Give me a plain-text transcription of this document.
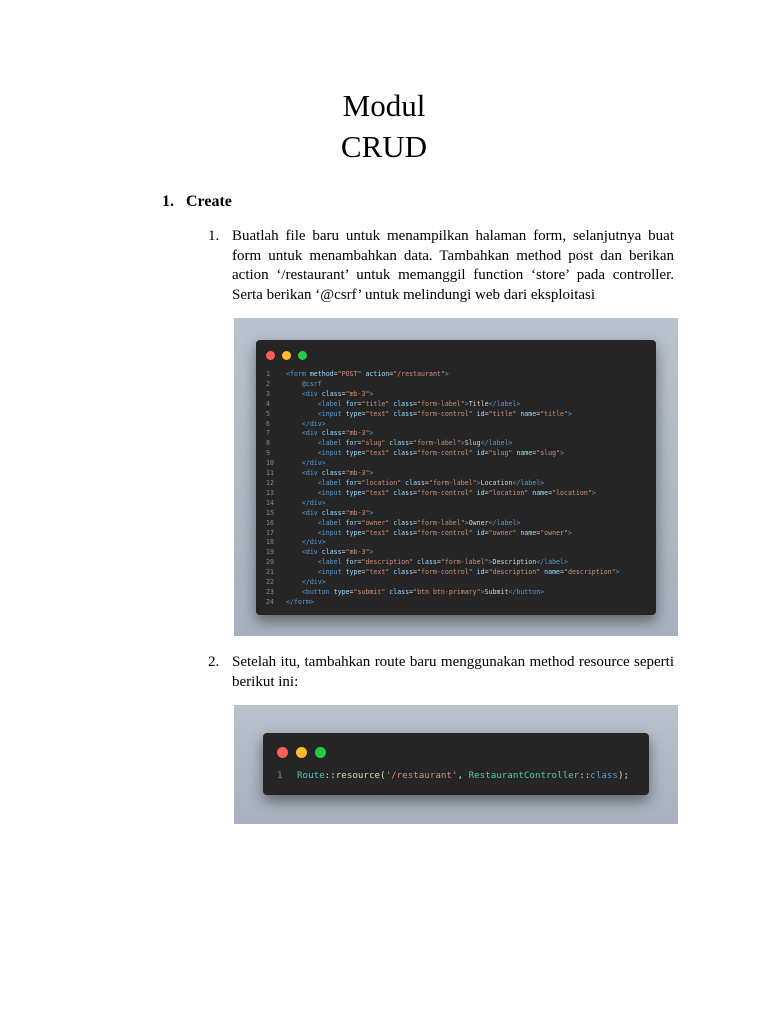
Modul
CRUD
1. Create
1. Buatlah file baru untuk menampilkan halaman form, selanjutnya buat form untuk menambahkan data. Tambahkan method post dan berikan action ‘/restaurant’ untuk memanggil function ‘store’ pada controller. Serta berikan ‘@csrf’ untuk melindungi web dari eksploitasi
1 <form method="POST" action="/restaurant">
2	@csrf
3	<div class="mb-3">
4	<label for="title" class="form-label">Title</label>
5	<input type="text" class="form-control" id="title" name="title">
6	</div>
7	<div class="mb-3">
8	<label for="slug" class="form-label">Slug</label>
9	<input type="text" class="form-control" id="slug" name="slug">
10	</div>
11	<div class="mb-3">
12	<label for="location" class="form-label">Location</label>
13	<input type="text" class="form-control" id="location" name="location">
14	</div>
15	<div class="mb-3">
16	<label for="owner" class="form-label">Owner</label>
17	<input type="text" class="form-control" id="owner" name="owner">
18	</div>
19	<div class="mb-3">
20	<label for="description" class="form-label">Description</label>
21	<input type="text" class="form-control" id="description" name="description">
22	</div>
23	<button type="submit" class="btn btn-primary">Submit</button>
24 </form>
2. Setelah itu, tambahkan route baru menggunakan method resource seperti berikut ini:
1 Route::resource('/restaurant', RestaurantController::class);
